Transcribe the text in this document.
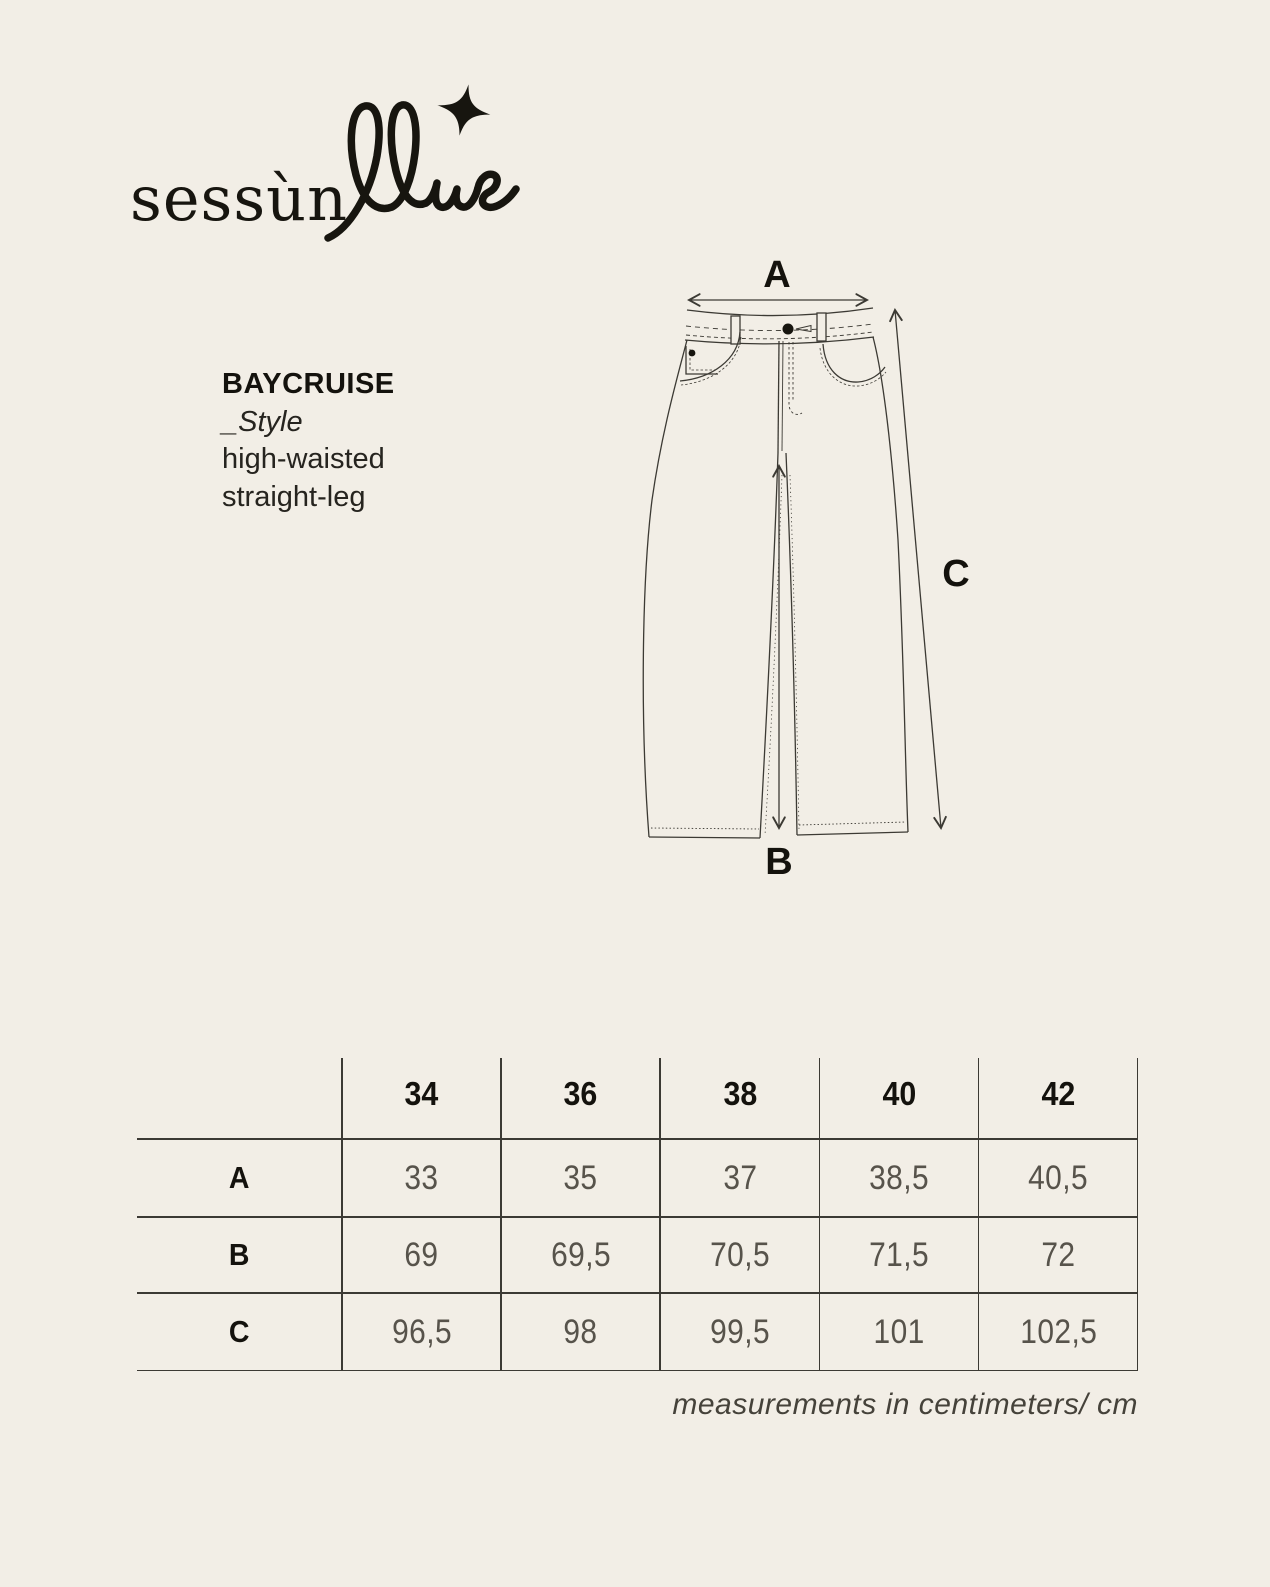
sessùn
BAYCRUISE
_Style
high-waisted
straight-leg
A
B
C
34	36	38	40	42
A	33	35	37	38,5	40,5
B	69	69,5	70,5	71,5	72
C	96,5	98	99,5	101	102,5
measurements in centimeters/ cm
